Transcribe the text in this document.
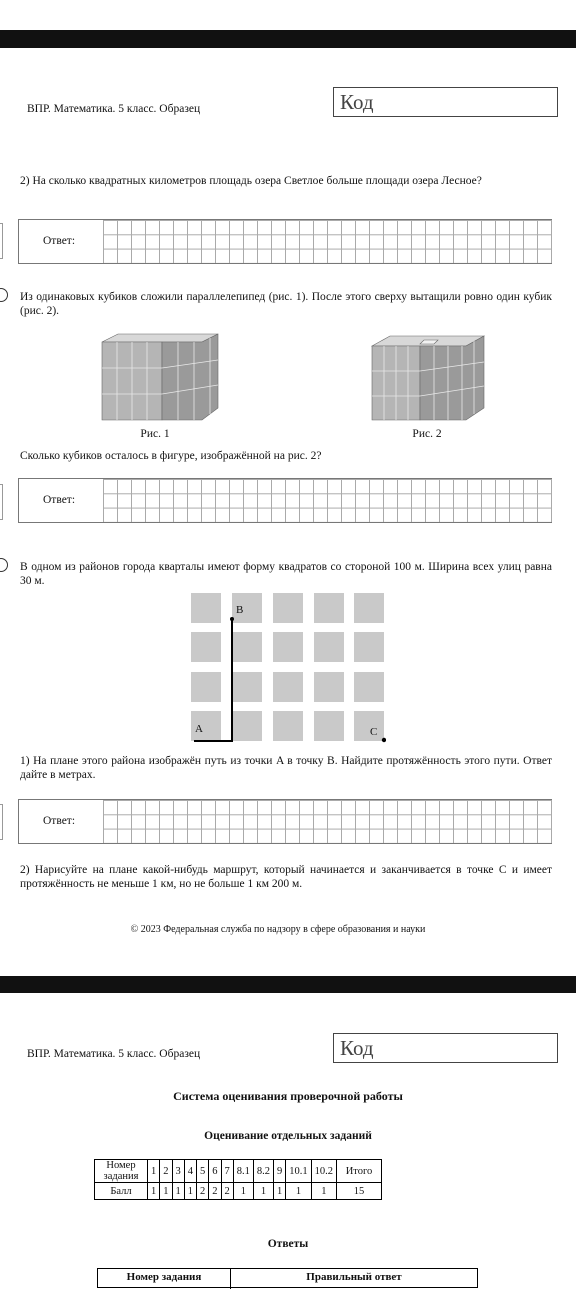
ВПР. Математика. 5 класс. Образец	Код
2) На сколько квадратных километров площадь озера Светлое больше площади озера Лесное?
Ответ:
Из одинаковых кубиков сложили параллелепипед (рис. 1). После этого сверху вытащили ровно один кубик (рис. 2).
Рис. 1	Рис. 2
Сколько кубиков осталось в фигуре, изображённой на рис. 2?
Ответ:
В одном из районов города кварталы имеют форму квадратов со стороной 100 м. Ширина всех улиц равна 30 м.
B
A	C
1) На плане этого района изображён путь из точки A в точку B. Найдите протяжённость этого пути. Ответ дайте в метрах.
Ответ:
2) Нарисуйте на плане какой-нибудь маршрут, который начинается и заканчивается в точке C и имеет протяжённость не меньше 1 км, но не больше 1 км 200 м.
© 2023 Федеральная служба по надзору в сфере образования и науки
ВПР. Математика. 5 класс. Образец	Код
Система оценивания проверочной работы
Оценивание отдельных заданий
Номер задания	1	2	3	4	5	6	7	8.1	8.2	9	10.1	10.2	Итого
Балл	1	1	1	1	2	2	2	1	1	1	1	1	15
Ответы
Номер задания	Правильный ответ
